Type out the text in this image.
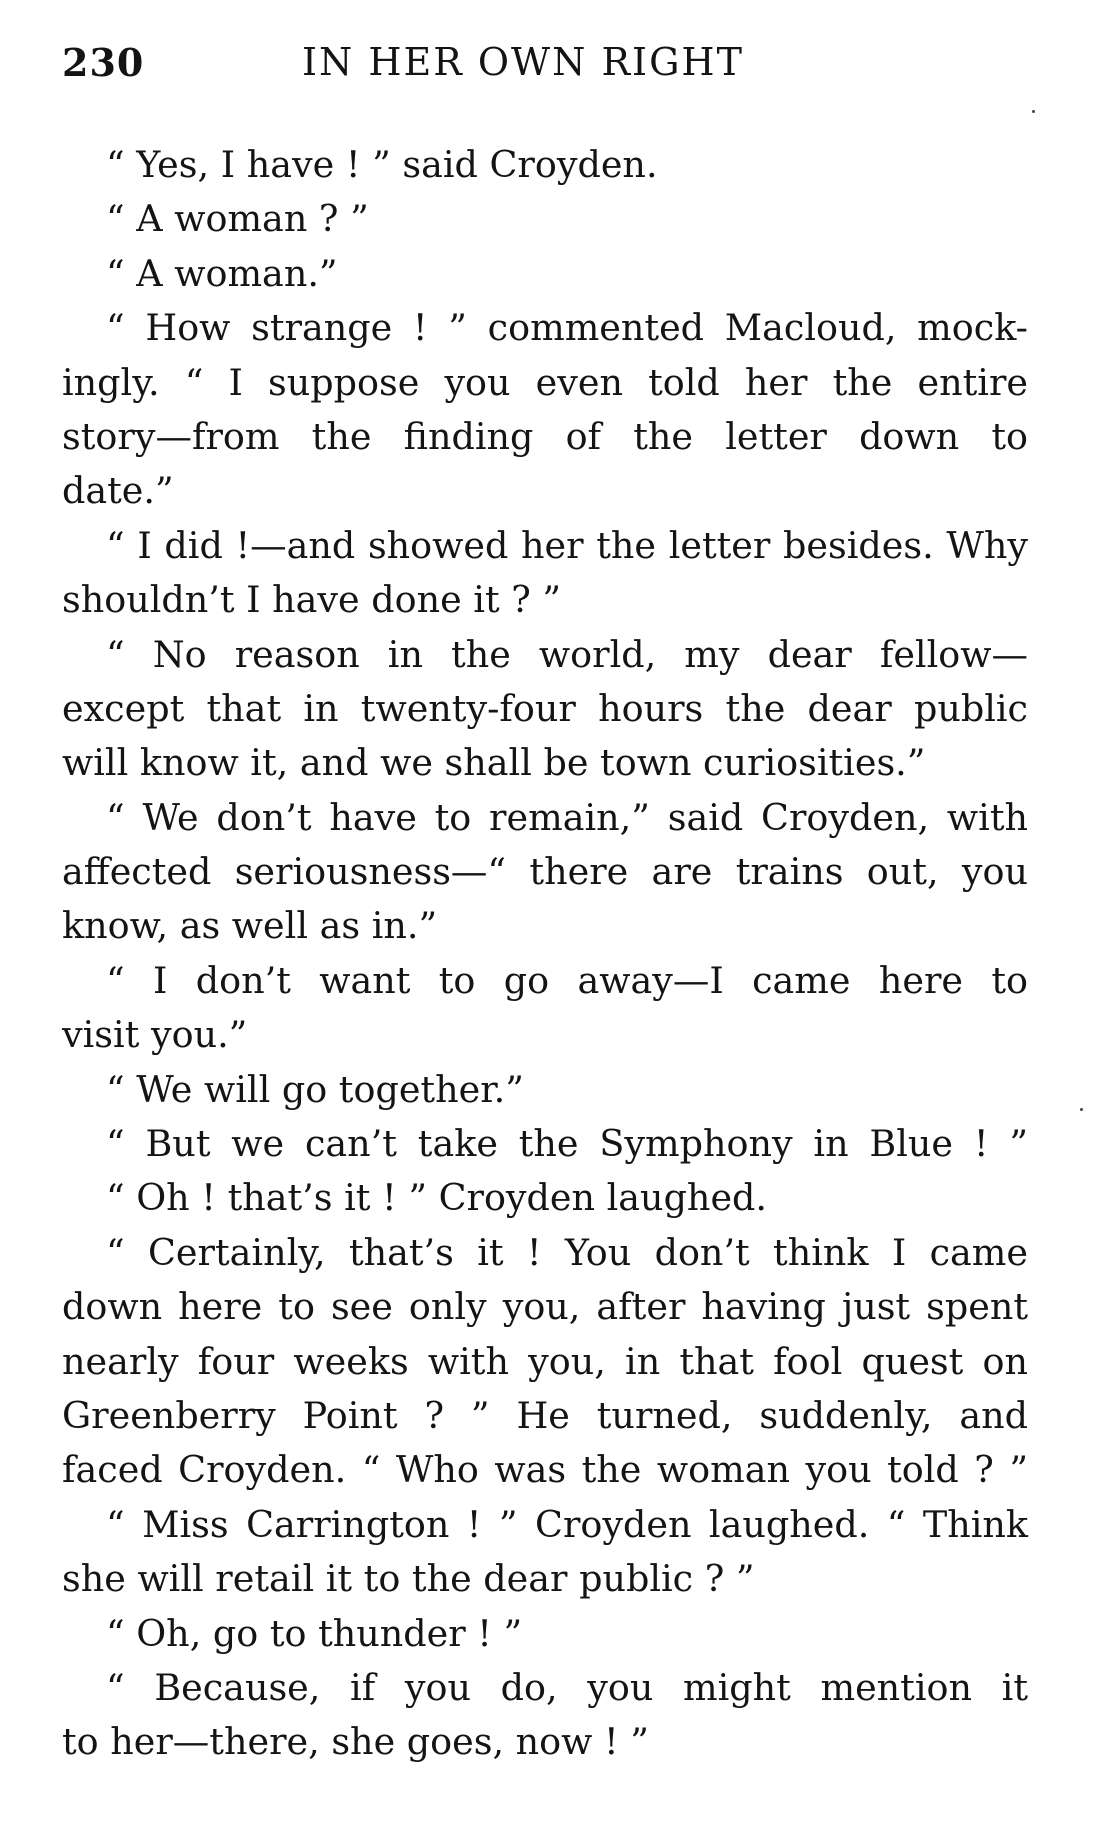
230	IN HER OWN RIGHT
“ Yes, I have ! ” said Croyden.
“ A woman ? ”
“ A woman.”
“ How strange ! ” commented Macloud, mock-
ingly. “ I suppose you even told her the entire
story—from the finding of the letter down to
date.”
“ I did !—and showed her the letter besides. Why
shouldn’t I have done it ? ”
“ No reason in the world, my dear fellow—
except that in twenty-four hours the dear public
will know it, and we shall be town curiosities.”
“ We don’t have to remain,” said Croyden, with
affected seriousness—“ there are trains out, you
know, as well as in.”
“ I don’t want to go away—I came here to
visit you.”
“ We will go together.”
“ But we can’t take the Symphony in Blue ! ”
“ Oh ! that’s it ! ” Croyden laughed.
“ Certainly, that’s it ! You don’t think I came
down here to see only you, after having just spent
nearly four weeks with you, in that fool quest on
Greenberry Point ? ” He turned, suddenly, and
faced Croyden. “ Who was the woman you told ? ”
“ Miss Carrington ! ” Croyden laughed. “ Think
she will retail it to the dear public ? ”
“ Oh, go to thunder ! ”
“ Because, if you do, you might mention it
to her—there, she goes, now ! ”
